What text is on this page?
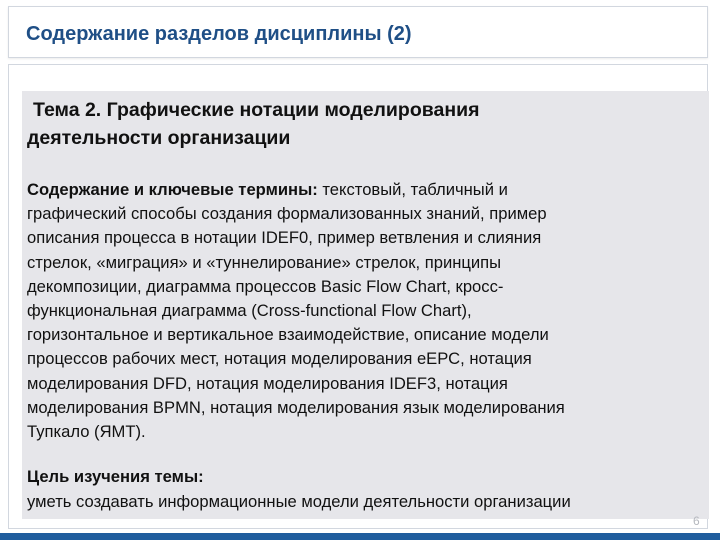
Содержание разделов дисциплины (2)
Тема 2. Графические нотации моделирования
деятельности организации
Содержание и ключевые термины: текстовый, табличный и
графический способы создания формализованных знаний, пример
описания процесса в нотации IDEF0, пример ветвления и слияния
стрелок, «миграция» и «туннелирование» стрелок, принципы
декомпозиции, диаграмма процессов Basic Flow Chart, кросс-
функциональная диаграмма (Cross-functional Flow Chart),
горизонтальное и вертикальное взаимодействие, описание модели
процессов рабочих мест, нотация моделирования еЕРС, нотация
моделирования DFD, нотация моделирования IDEF3, нотация
моделирования BPMN, нотация моделирования язык моделирования
Тупкало (ЯМТ).
Цель изучения темы:
уметь создавать информационные модели деятельности организации
6
